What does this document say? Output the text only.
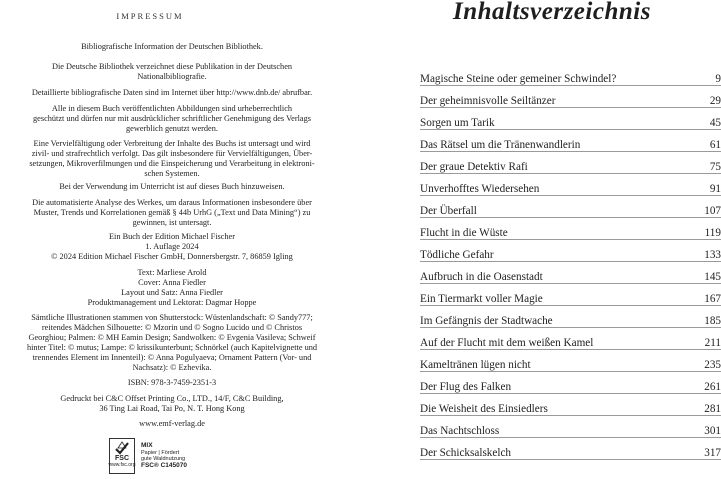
IMPRESSUM
Bibliografische Information der Deutschen Bibliothek.
Die Deutsche Bibliothek verzeichnet diese Publikation in der Deutschen
Nationalbibliografie.
Detaillierte bibliografische Daten sind im Internet über http://www.dnb.de/ abrufbar.
Alle in diesem Buch veröffentlichten Abbildungen sind urheberrechtlich
geschützt und dürfen nur mit ausdrücklicher schriftlicher Genehmigung des Verlags
gewerblich genutzt werden.
Eine Vervielfältigung oder Verbreitung der Inhalte des Buchs ist untersagt und wird
zivil- und strafrechtlich verfolgt. Das gilt insbesondere für Vervielfältigungen, Über-
setzungen, Mikroverfilmungen und die Einspeicherung und Verarbeitung in elektroni-
schen Systemen.
Bei der Verwendung im Unterricht ist auf dieses Buch hinzuweisen.
Die automatisierte Analyse des Werkes, um daraus Informationen insbesondere über
Muster, Trends und Korrelationen gemäß § 44b UrhG („Text und Data Mining“) zu
gewinnen, ist untersagt.
Ein Buch der Edition Michael Fischer
1. Auflage 2024
© 2024 Edition Michael Fischer GmbH, Donnersbergstr. 7, 86859 Igling
Text: Marliese Arold
Cover: Anna Fiedler
Layout und Satz: Anna Fiedler
Produktmanagement und Lektorat: Dagmar Hoppe
Sämtliche Illustrationen stammen von Shutterstock: Wüstenlandschaft: © Sandy777;
reitendes Mädchen Silhouette: © Mzorin und © Sogno Lucido und © Christos
Georghiou; Palmen: © MH Eamin Design; Sandwolken: © Evgenia Vasileva; Schweif
hinter Titel: © mutus; Lampe: © krissikunterbunt; Schnörkel (auch Kapitelvignette und
trennendes Element im Innenteil): © Anna Pogulyaeva; Ornament Pattern (Vor- und
Nachsatz): © Ezhevika.
ISBN: 978-3-7459-2351-3
Gedruckt bei C&C Offset Printing Co., LTD., 14/F, C&C Building,
36 Ting Lai Road, Tai Po, N. T. Hong Kong
www.emf-verlag.de
FSC
www.fsc.org
MIX
Papier | Fördert
gute Waldnutzung
FSC® C145070
Inhaltsverzeichnis
Magische Steine oder gemeiner Schwindel?	9
Der geheimnisvolle Seiltänzer	29
Sorgen um Tarik	45
Das Rätsel um die Tränenwandlerin	61
Der graue Detektiv Rafi	75
Unverhofftes Wiedersehen	91
Der Überfall	107
Flucht in die Wüste	119
Tödliche Gefahr	133
Aufbruch in die Oasenstadt	145
Ein Tiermarkt voller Magie	167
Im Gefängnis der Stadtwache	185
Auf der Flucht mit dem weißen Kamel	211
Kameltränen lügen nicht	235
Der Flug des Falken	261
Die Weisheit des Einsiedlers	281
Das Nachtschloss	301
Der Schicksalskelch	317
